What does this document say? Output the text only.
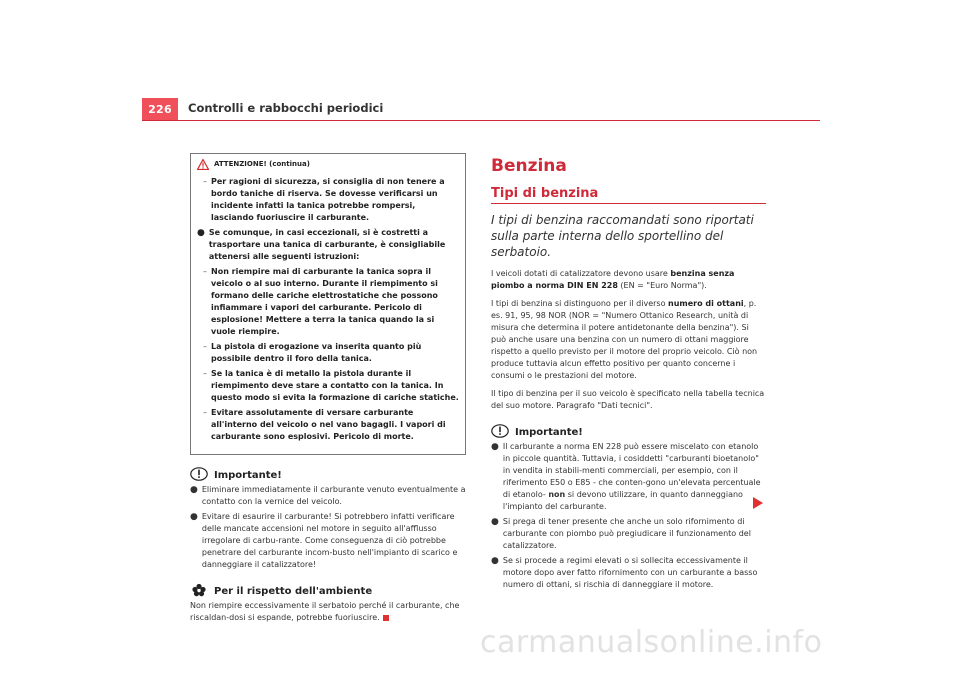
226	Controlli e rabbocchi periodici
ATTENZIONE! (continua)
– Per ragioni di sicurezza, si consiglia di non tenere a bordo taniche di riserva. Se dovesse verificarsi un incidente infatti la tanica potrebbe rompersi, lasciando fuoriuscire il carburante.
● Se comunque, in casi eccezionali, si è costretti a trasportare una tanica di carburante, è consigliabile attenersi alle seguenti istruzioni:
– Non riempire mai di carburante la tanica sopra il veicolo o al suo interno. Durante il riempimento si formano delle cariche elettrostatiche che possono infiammare i vapori del carburante. Pericolo di esplosione! Mettere a terra la tanica quando la si vuole riempire.
– La pistola di erogazione va inserita quanto più possibile dentro il foro della tanica.
– Se la tanica è di metallo la pistola durante il riempimento deve stare a contatto con la tanica. In questo modo si evita la formazione di cariche statiche.
– Evitare assolutamente di versare carburante all'interno del veicolo o nel vano bagagli. I vapori di carburante sono esplosivi. Pericolo di morte.
Importante!
● Eliminare immediatamente il carburante venuto eventualmente a contatto con la vernice del veicolo.
● Evitare di esaurire il carburante! Si potrebbero infatti verificare delle mancate accensioni nel motore in seguito all'afflusso irregolare di carbu-rante. Come conseguenza di ciò potrebbe penetrare del carburante incom-busto nell'impianto di scarico e danneggiare il catalizzatore!
Per il rispetto dell'ambiente
Non riempire eccessivamente il serbatoio perché il carburante, che riscaldan-dosi si espande, potrebbe fuoriuscire.
Benzina
Tipi di benzina
I tipi di benzina raccomandati sono riportati sulla parte interna dello sportellino del serbatoio.
I veicoli dotati di catalizzatore devono usare benzina senza piombo a norma DIN EN 228 (EN = "Euro Norma").
I tipi di benzina si distinguono per il diverso numero di ottani, p. es. 91, 95, 98 NOR (NOR = "Numero Ottanico Research, unità di misura che determina il potere antidetonante della benzina"). Si può anche usare una benzina con un numero di ottani maggiore rispetto a quello previsto per il motore del proprio veicolo. Ciò non produce tuttavia alcun effetto positivo per quanto concerne i consumi o le prestazioni del motore.
Il tipo di benzina per il suo veicolo è specificato nella tabella tecnica del suo motore. Paragrafo "Dati tecnici".
Importante!
● Il carburante a norma EN 228 può essere miscelato con etanolo in piccole quantità. Tuttavia, i cosiddetti "carburanti bioetanolo" in vendita in stabili-menti commerciali, per esempio, con il riferimento E50 o E85 - che conten-gono un'elevata percentuale di etanolo- non si devono utilizzare, in quanto danneggiano l'impianto del carburante.
● Si prega di tener presente che anche un solo rifornimento di carburante con piombo può pregiudicare il funzionamento del catalizzatore.
● Se si procede a regimi elevati o si sollecita eccessivamente il motore dopo aver fatto rifornimento con un carburante a basso numero di ottani, si rischia di danneggiare il motore.
carmanualsonline.info
